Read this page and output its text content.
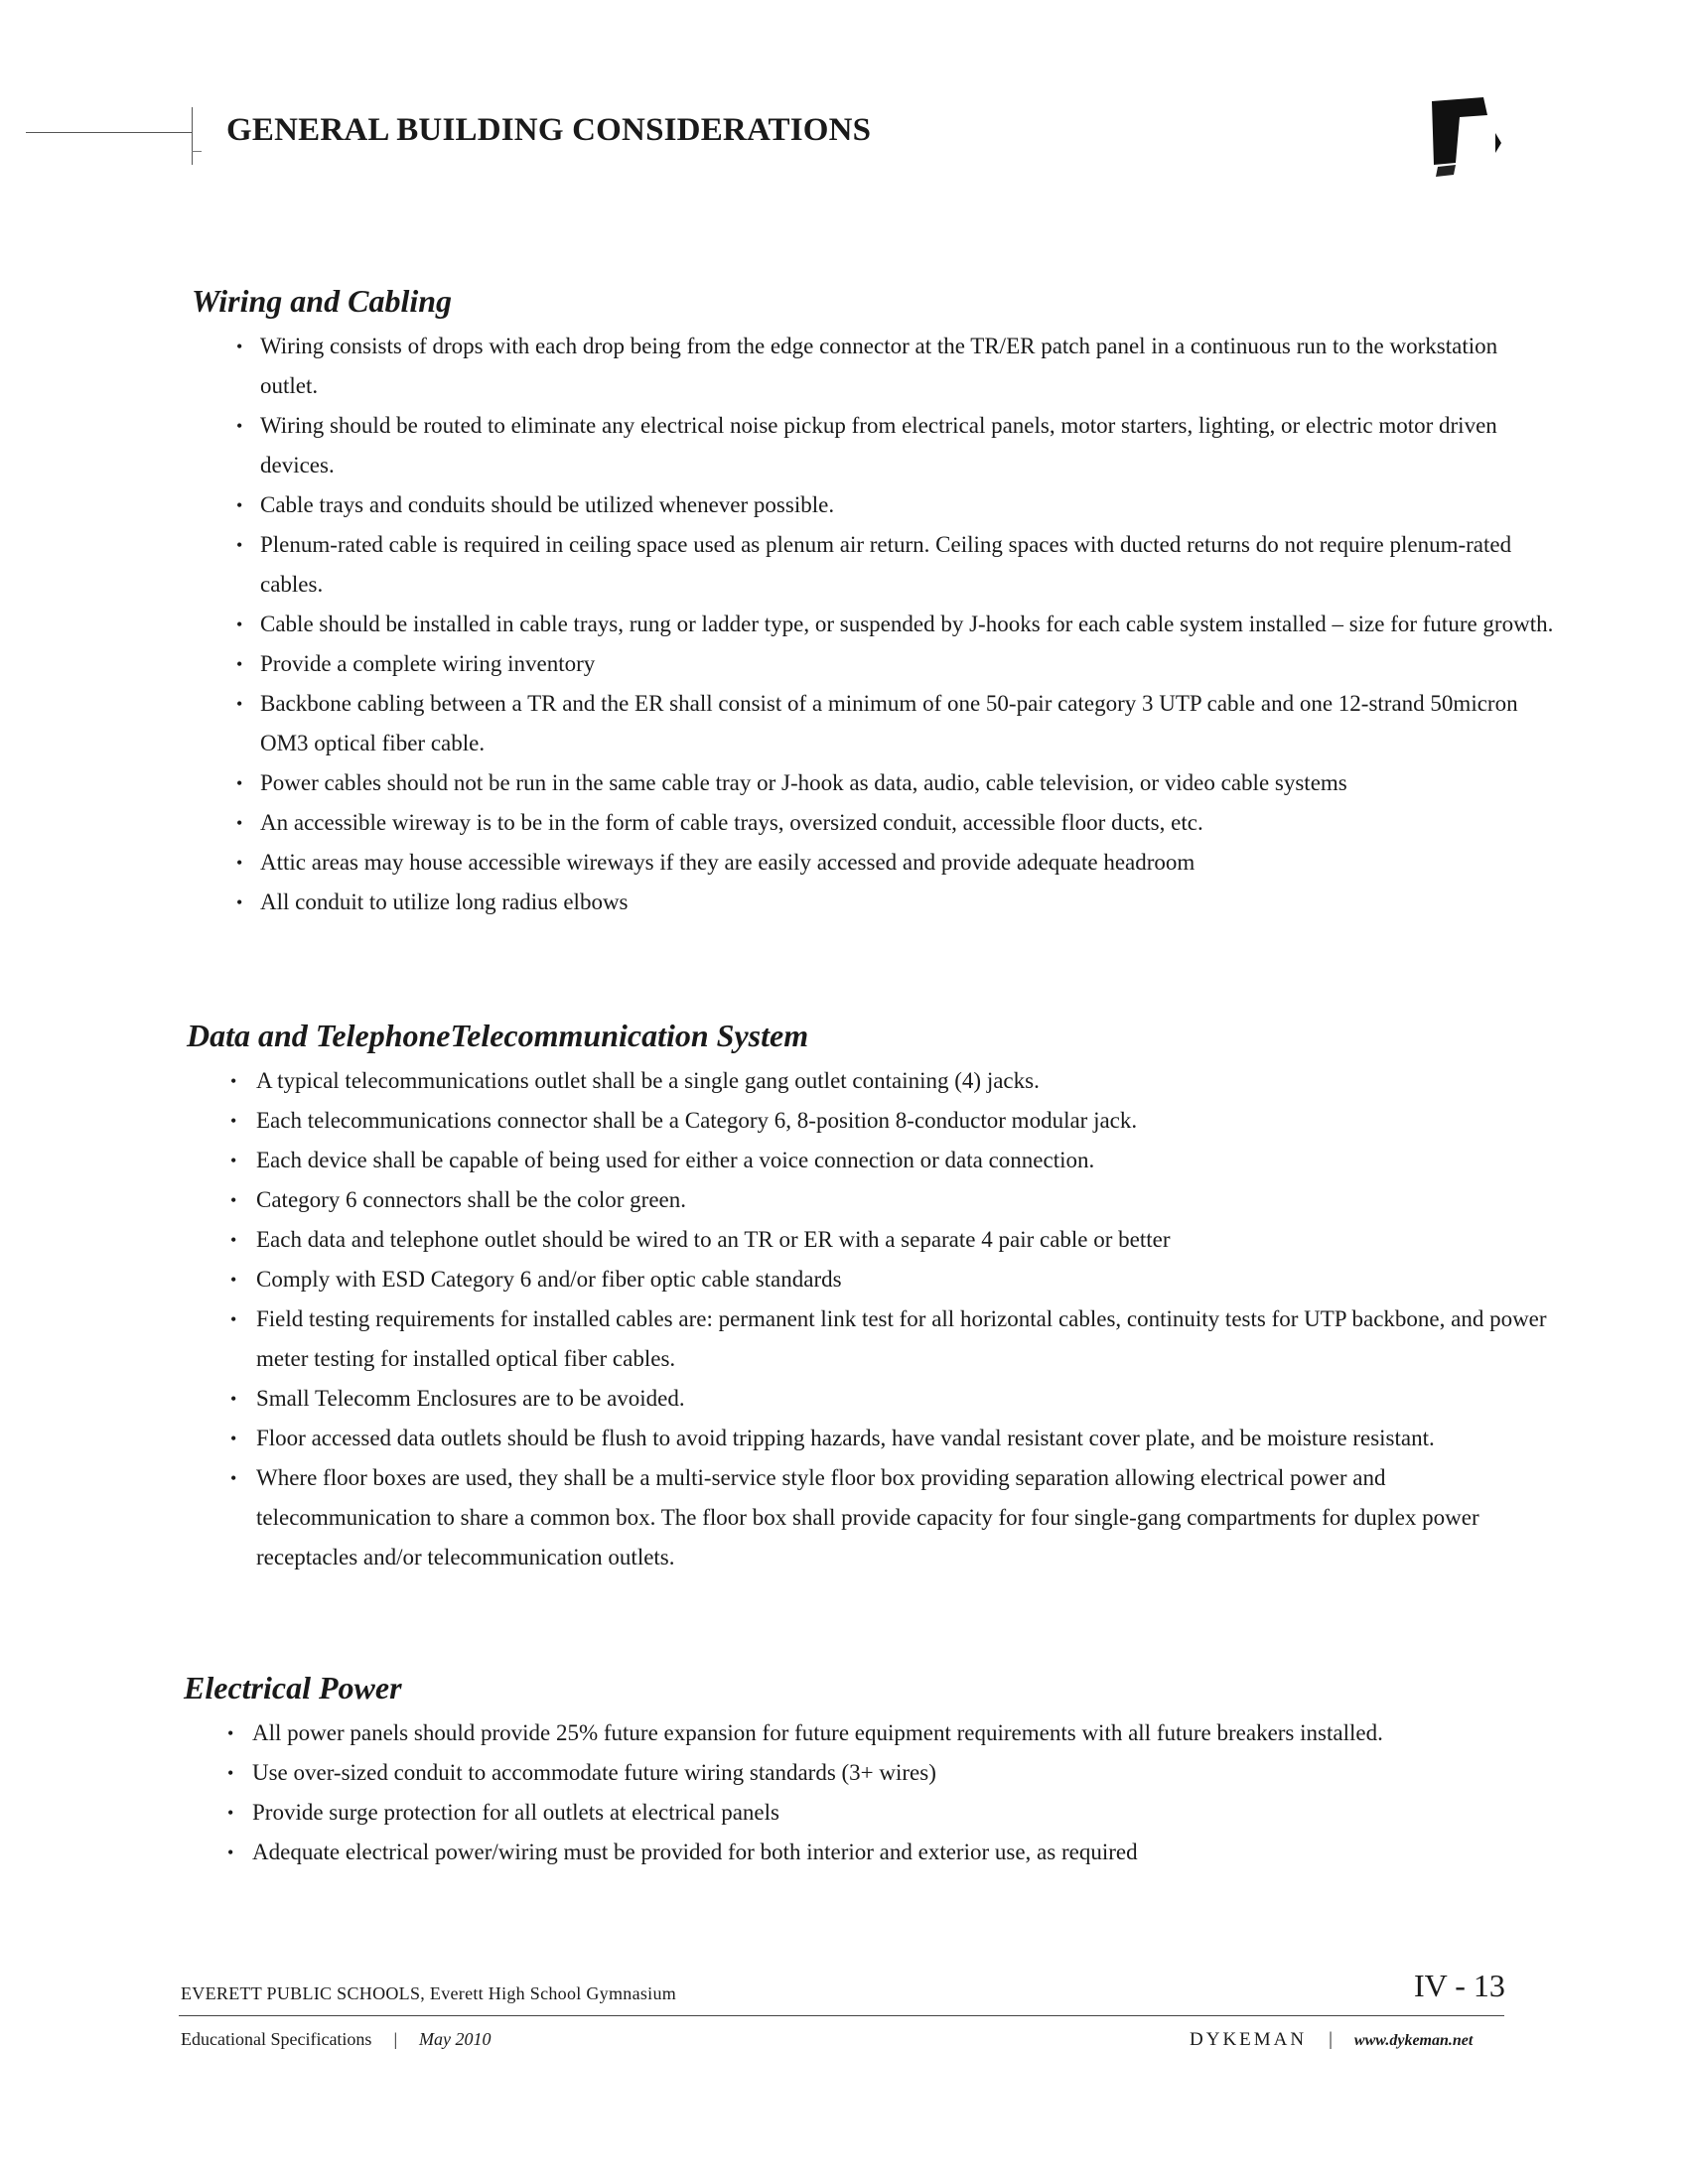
GENERAL BUILDING CONSIDERATIONS
Wiring and Cabling
• Wiring consists of drops with each drop being from the edge connector at the TR/ER patch panel in a continuous run to the workstation outlet.
• Wiring should be routed to eliminate any electrical noise pickup from electrical panels, motor starters, lighting, or electric motor driven devices.
• Cable trays and conduits should be utilized whenever possible.
• Plenum-rated cable is required in ceiling space used as plenum air return. Ceiling spaces with ducted returns do not require plenum-rated cables.
• Cable should be installed in cable trays, rung or ladder type, or suspended by J-hooks for each cable system installed – size for future growth.
• Provide a complete wiring inventory
• Backbone cabling between a TR and the ER shall consist of a minimum of one 50-pair category 3 UTP cable and one 12-strand 50micron OM3 optical fiber cable.
• Power cables should not be run in the same cable tray or J-hook as data, audio, cable television, or video cable systems
• An accessible wireway is to be in the form of cable trays, oversized conduit, accessible floor ducts, etc.
• Attic areas may house accessible wireways if they are easily accessed and provide adequate headroom
• All conduit to utilize long radius elbows
Data and TelephoneTelecommunication System
• A typical telecommunications outlet shall be a single gang outlet containing (4) jacks.
• Each telecommunications connector shall be a Category 6, 8-position 8-conductor modular jack.
• Each device shall be capable of being used for either a voice connection or data connection.
• Category 6 connectors shall be the color green.
• Each data and telephone outlet should be wired to an TR or ER with a separate 4 pair cable or better
• Comply with ESD Category 6 and/or fiber optic cable standards
• Field testing requirements for installed cables are: permanent link test for all horizontal cables, continuity tests for UTP backbone, and power meter testing for installed optical fiber cables.
• Small Telecomm Enclosures are to be avoided.
• Floor accessed data outlets should be flush to avoid tripping hazards, have vandal resistant cover plate, and be moisture resistant.
• Where floor boxes are used, they shall be a multi-service style floor box providing separation allowing electrical power and telecommunication to share a common box. The floor box shall provide capacity for four single-gang compartments for duplex power receptacles and/or telecommunication outlets.
Electrical Power
• All power panels should provide 25% future expansion for future equipment requirements with all future breakers installed.
• Use over-sized conduit to accommodate future wiring standards (3+ wires)
• Provide surge protection for all outlets at electrical panels
• Adequate electrical power/wiring must be provided for both interior and exterior use, as required
EVERETT PUBLIC SCHOOLS, Everett High School Gymnasium	IV - 13
Educational Specifications | May 2010	DYKEMAN | www.dykeman.net
